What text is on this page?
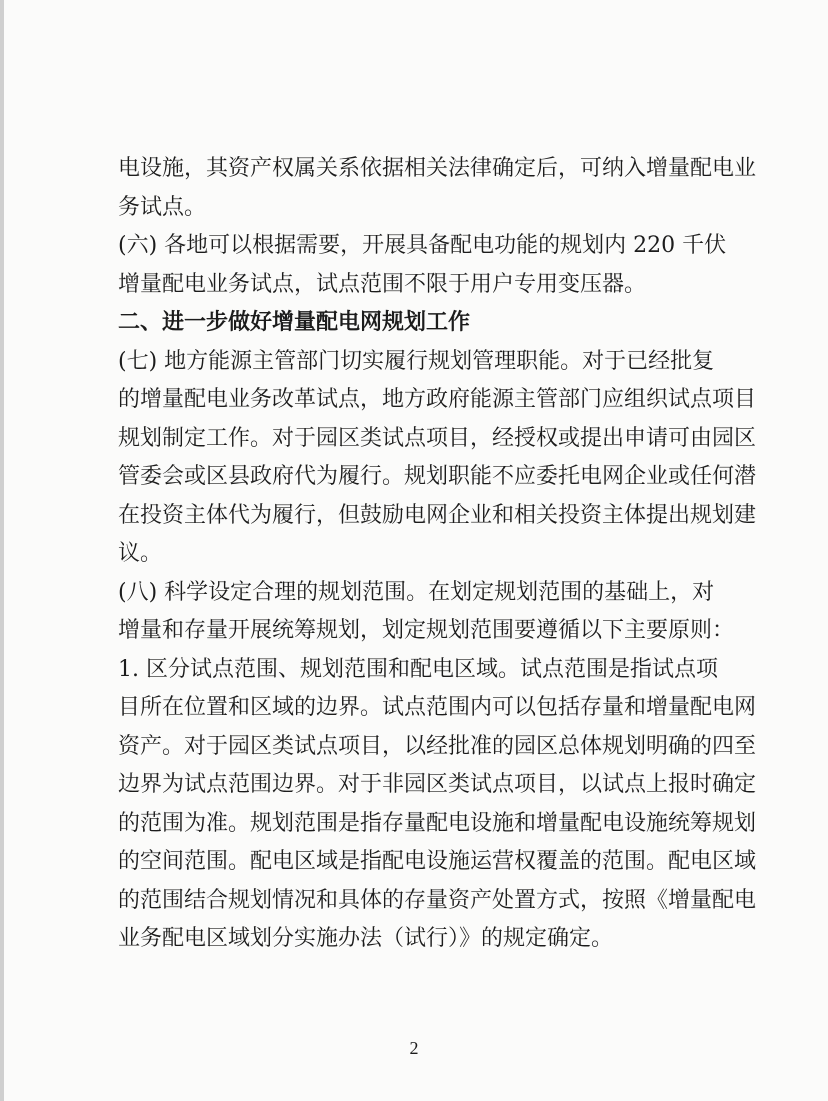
电设施，其资产权属关系依据相关法律确定后，可纳入增量配电业

务试点。

(六) 各地可以根据需要，开展具备配电功能的规划内 220 千伏

增量配电业务试点，试点范围不限于用户专用变压器。

二、进一步做好增量配电网规划工作

(七) 地方能源主管部门切实履行规划管理职能。对于已经批复

的增量配电业务改革试点，地方政府能源主管部门应组织试点项目

规划制定工作。对于园区类试点项目，经授权或提出申请可由园区

管委会或区县政府代为履行。规划职能不应委托电网企业或任何潜

在投资主体代为履行，但鼓励电网企业和相关投资主体提出规划建

议。

(八) 科学设定合理的规划范围。在划定规划范围的基础上，对

增量和存量开展统筹规划，划定规划范围要遵循以下主要原则：

1. 区分试点范围、规划范围和配电区域。试点范围是指试点项

目所在位置和区域的边界。试点范围内可以包括存量和增量配电网

资产。对于园区类试点项目，以经批准的园区总体规划明确的四至

边界为试点范围边界。对于非园区类试点项目，以试点上报时确定

的范围为准。规划范围是指存量配电设施和增量配电设施统筹规划

的空间范围。配电区域是指配电设施运营权覆盖的范围。配电区域

的范围结合规划情况和具体的存量资产处置方式，按照《增量配电

业务配电区域划分实施办法（试行）》的规定确定。

2
